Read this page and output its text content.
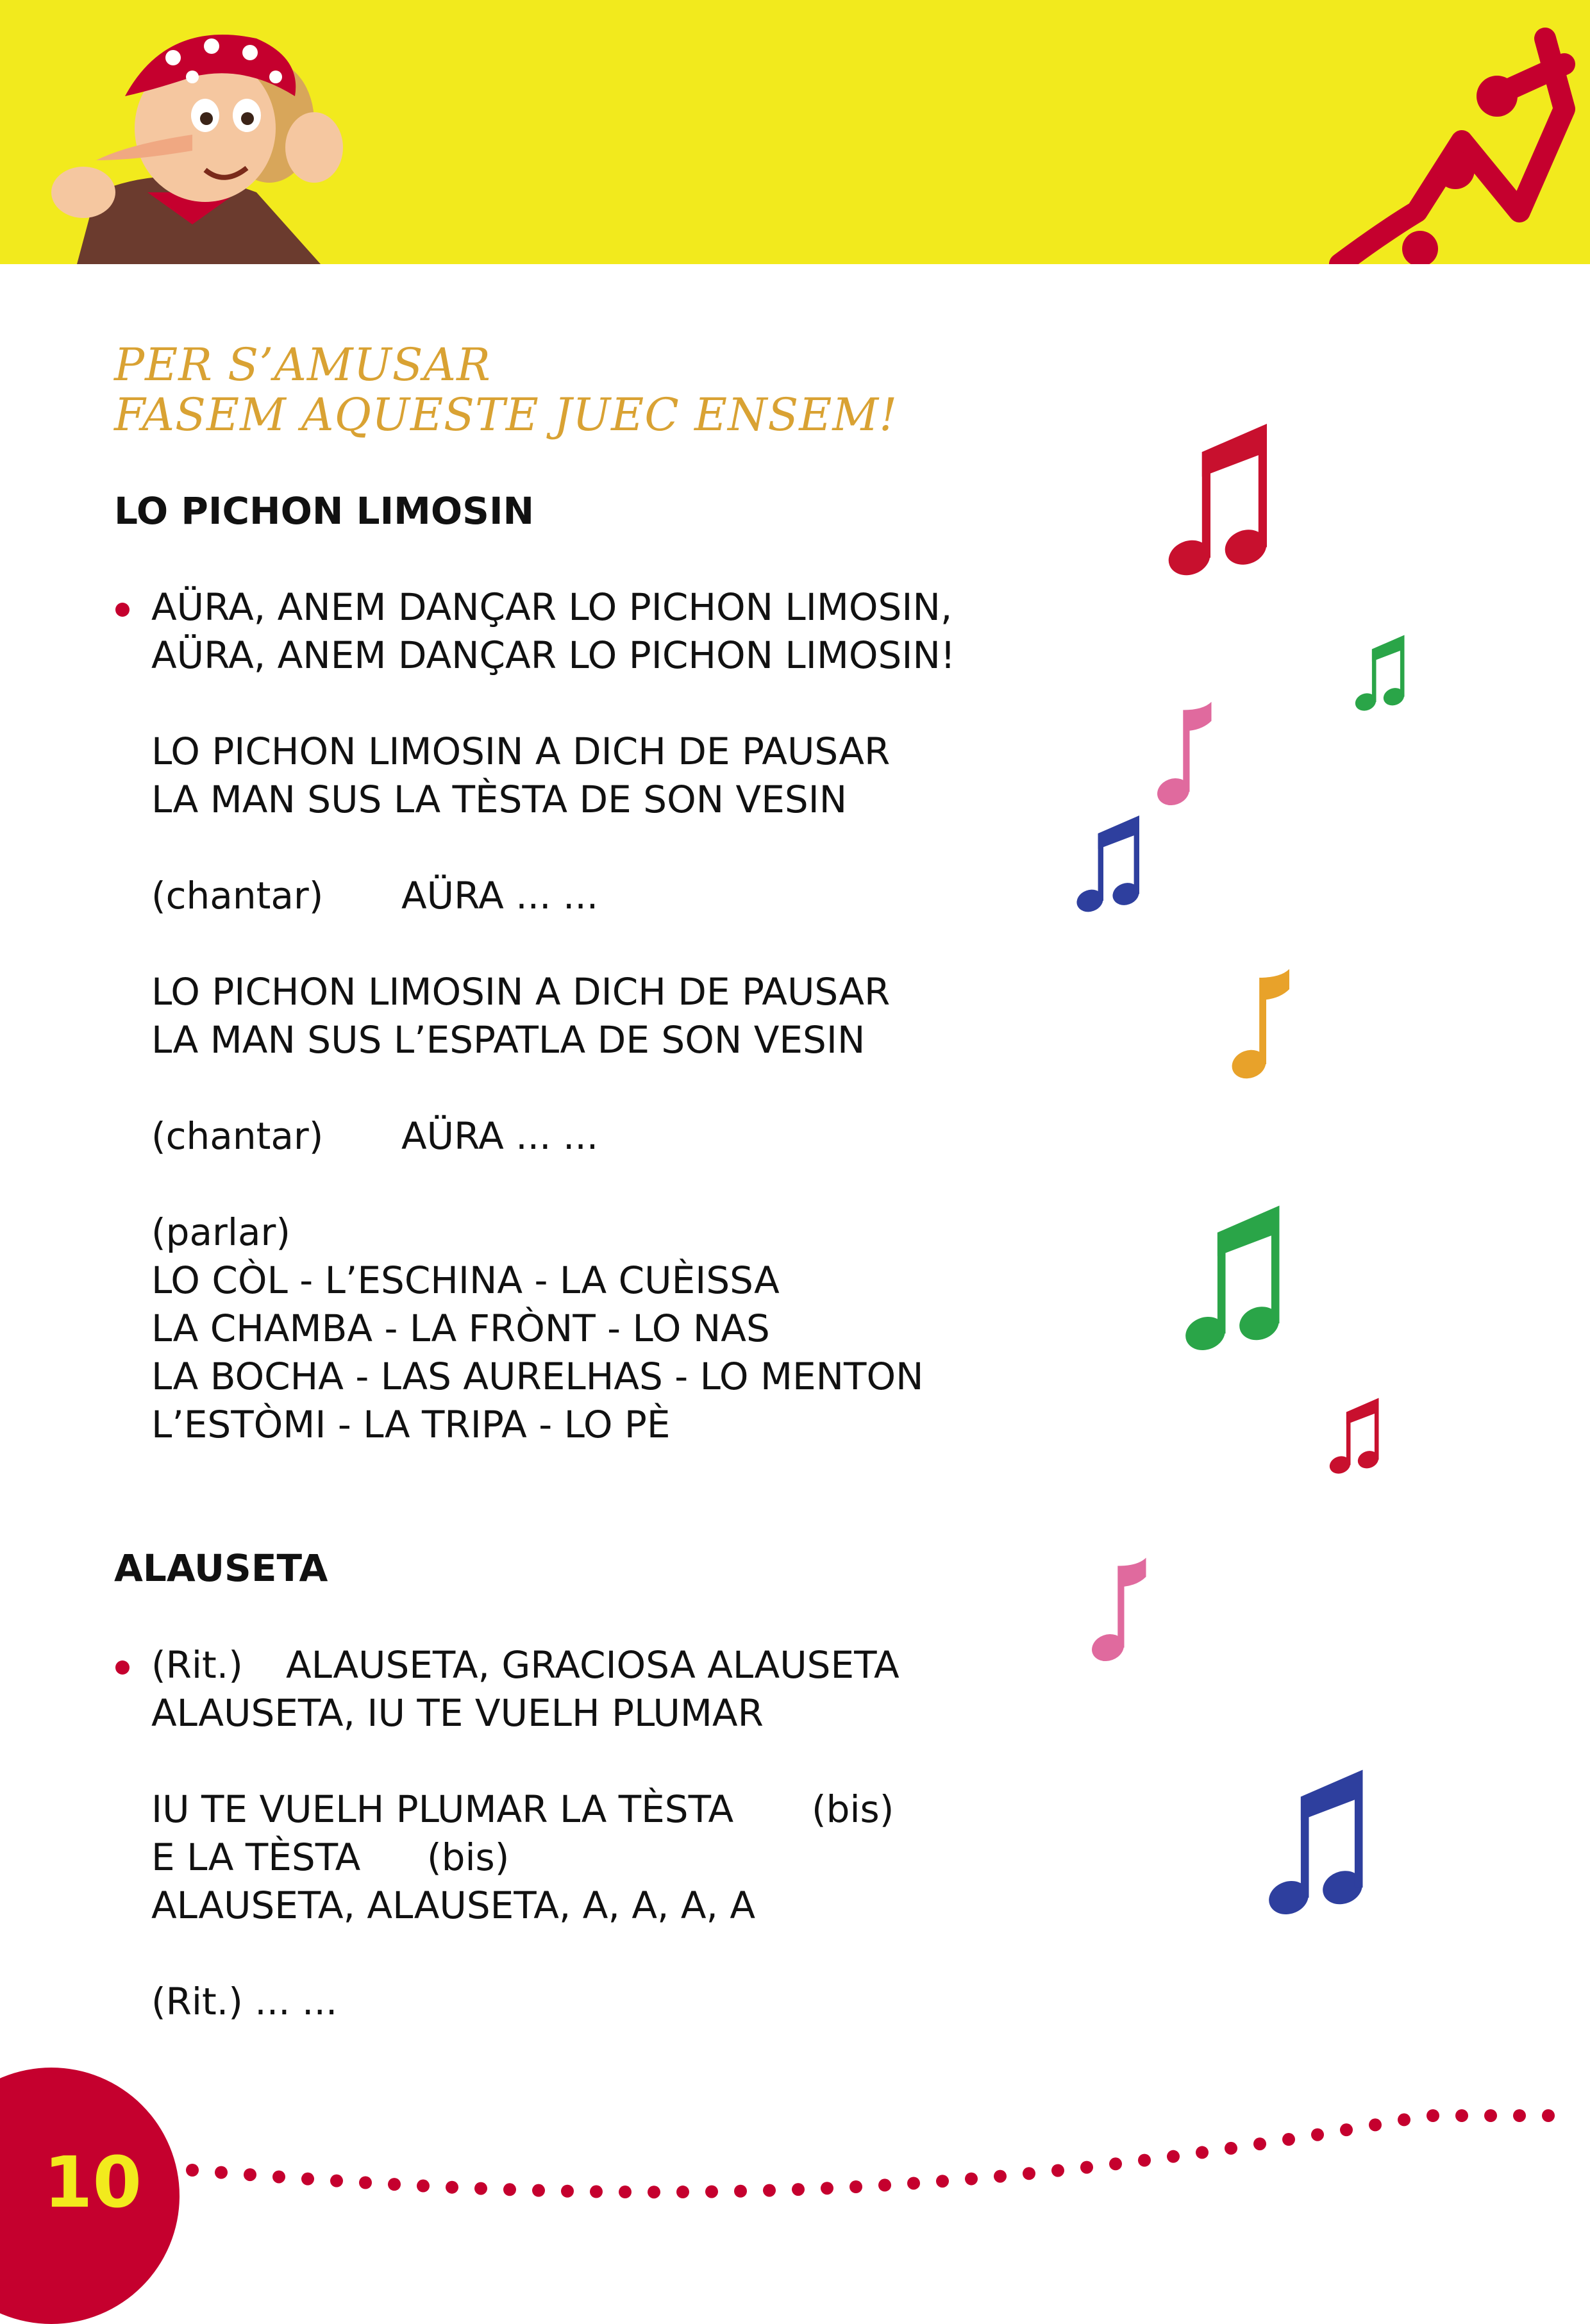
PER S’AMUSAR
FASEM AQUESTE JUEC ENSEM!
LO PICHON LIMOSIN
AÜRA, ANEM DANÇAR LO PICHON LIMOSIN,
AÜRA, ANEM DANÇAR LO PICHON LIMOSIN!
LO PICHON LIMOSIN A DICH DE PAUSAR
LA MAN SUS LA TÈSTA DE SON VESIN
(chantar) AÜRA ... ...
LO PICHON LIMOSIN A DICH DE PAUSAR
LA MAN SUS L’ESPATLA DE SON VESIN
(chantar) AÜRA ... ...
(parlar)
LO CÒL - L’ESCHINA - LA CUÈISSA
LA CHAMBA - LA FRÒNT - LO NAS
LA BOCHA - LAS AURELHAS - LO MENTON
L’ESTÒMI - LA TRIPA - LO PÈ
ALAUSETA
(Rit.) ALAUSETA, GRACIOSA ALAUSETA
ALAUSETA, IU TE VUELH PLUMAR
IU TE VUELH PLUMAR LA TÈSTA (bis)
E LA TÈSTA (bis)
ALAUSETA, ALAUSETA, A, A, A, A
(Rit.) ... ...
10
